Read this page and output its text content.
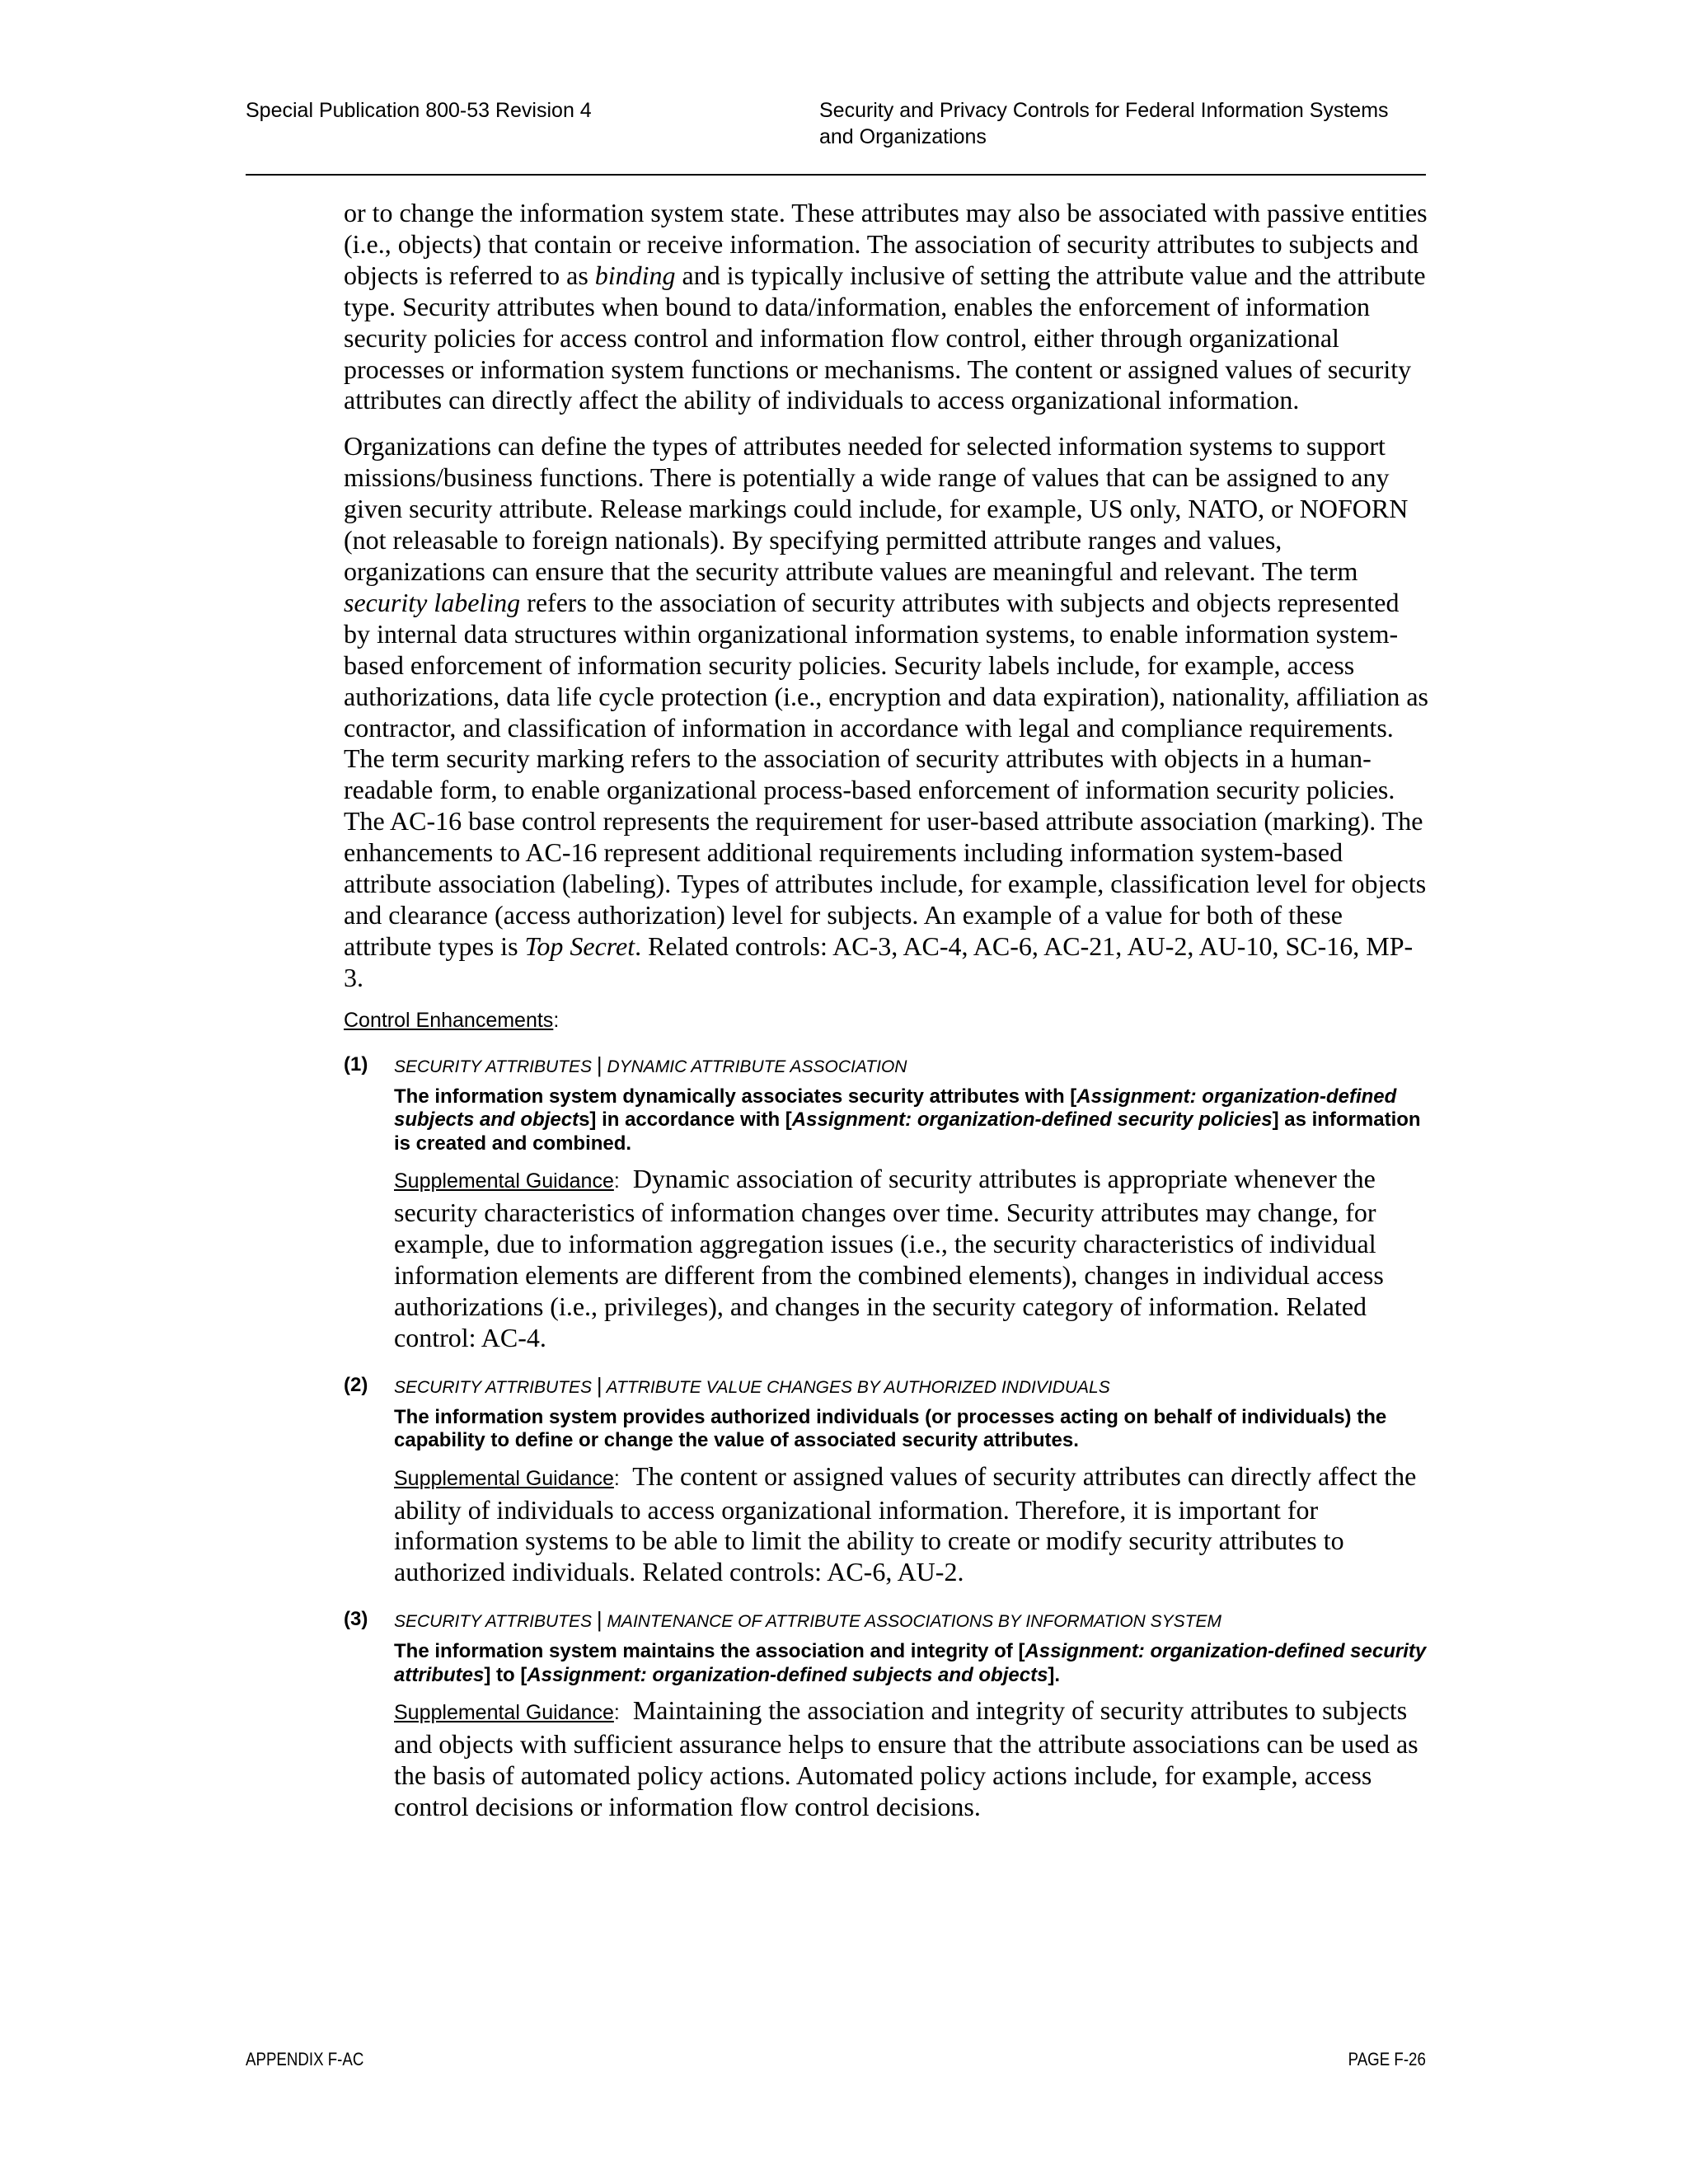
Special Publication 800-53 Revision 4	Security and Privacy Controls for Federal Information Systems
and Organizations

or to change the information system state. These attributes may also be associated with passive entities (i.e., objects) that contain or receive information. The association of security attributes to subjects and objects is referred to as binding and is typically inclusive of setting the attribute value and the attribute type. Security attributes when bound to data/information, enables the enforcement of information security policies for access control and information flow control, either through organizational processes or information system functions or mechanisms. The content or assigned values of security attributes can directly affect the ability of individuals to access organizational information.

Organizations can define the types of attributes needed for selected information systems to support missions/business functions. There is potentially a wide range of values that can be assigned to any given security attribute. Release markings could include, for example, US only, NATO, or NOFORN (not releasable to foreign nationals). By specifying permitted attribute ranges and values, organizations can ensure that the security attribute values are meaningful and relevant. The term security labeling refers to the association of security attributes with subjects and objects represented by internal data structures within organizational information systems, to enable information system-based enforcement of information security policies. Security labels include, for example, access authorizations, data life cycle protection (i.e., encryption and data expiration), nationality, affiliation as contractor, and classification of information in accordance with legal and compliance requirements. The term security marking refers to the association of security attributes with objects in a human-readable form, to enable organizational process-based enforcement of information security policies. The AC-16 base control represents the requirement for user-based attribute association (marking). The enhancements to AC-16 represent additional requirements including information system-based attribute association (labeling). Types of attributes include, for example, classification level for objects and clearance (access authorization) level for subjects. An example of a value for both of these attribute types is Top Secret. Related controls: AC-3, AC-4, AC-6, AC-21, AU-2, AU-10, SC-16, MP-3.

Control Enhancements:
(1) SECURITY ATTRIBUTES | DYNAMIC ATTRIBUTE ASSOCIATION
The information system dynamically associates security attributes with [Assignment: organization-defined subjects and objects] in accordance with [Assignment: organization-defined security policies] as information is created and combined.
Supplemental Guidance: Dynamic association of security attributes is appropriate whenever the security characteristics of information changes over time. Security attributes may change, for example, due to information aggregation issues (i.e., the security characteristics of individual information elements are different from the combined elements), changes in individual access authorizations (i.e., privileges), and changes in the security category of information. Related control: AC-4.
(2) SECURITY ATTRIBUTES | ATTRIBUTE VALUE CHANGES BY AUTHORIZED INDIVIDUALS
The information system provides authorized individuals (or processes acting on behalf of individuals) the capability to define or change the value of associated security attributes.
Supplemental Guidance: The content or assigned values of security attributes can directly affect the ability of individuals to access organizational information. Therefore, it is important for information systems to be able to limit the ability to create or modify security attributes to authorized individuals. Related controls: AC-6, AU-2.
(3) SECURITY ATTRIBUTES | MAINTENANCE OF ATTRIBUTE ASSOCIATIONS BY INFORMATION SYSTEM
The information system maintains the association and integrity of [Assignment: organization-defined security attributes] to [Assignment: organization-defined subjects and objects].
Supplemental Guidance: Maintaining the association and integrity of security attributes to subjects and objects with sufficient assurance helps to ensure that the attribute associations can be used as the basis of automated policy actions. Automated policy actions include, for example, access control decisions or information flow control decisions.
APPENDIX F-AC	PAGE F-26
